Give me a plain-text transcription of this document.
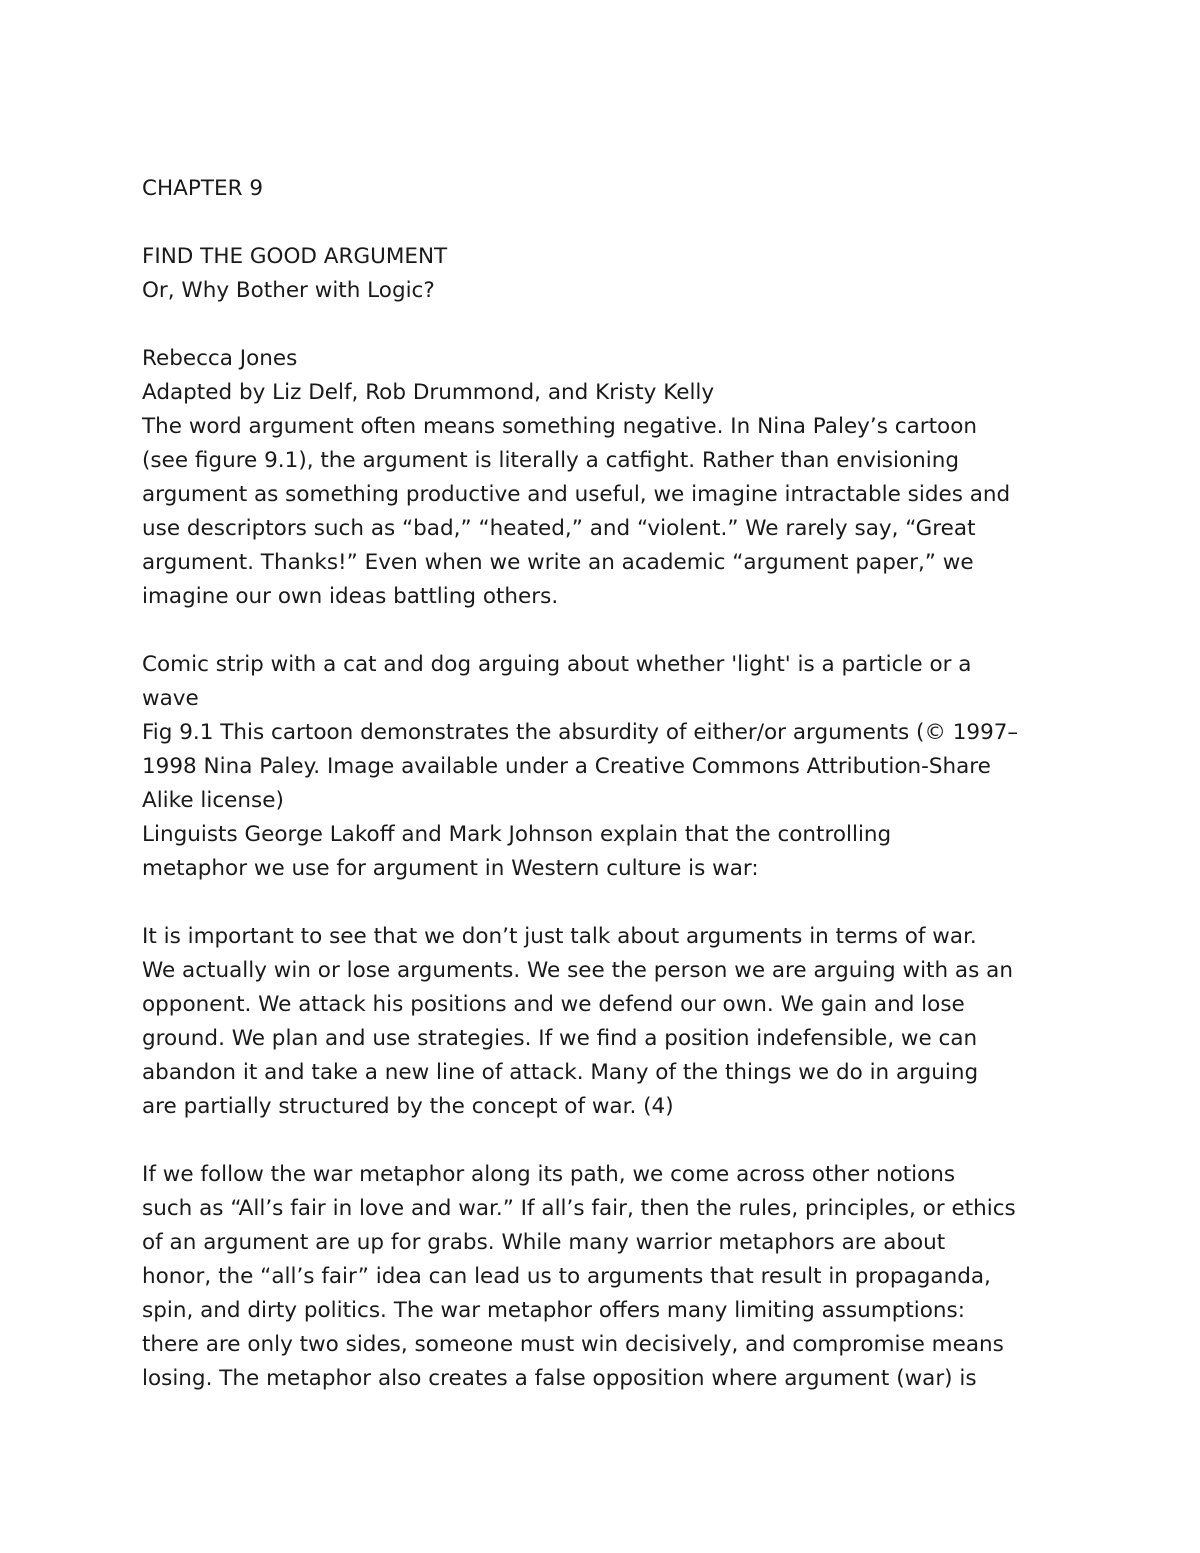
CHAPTER 9
FIND THE GOOD ARGUMENT
Or, Why Bother with Logic?
Rebecca Jones
Adapted by Liz Delf, Rob Drummond, and Kristy Kelly
The word argument often means something negative. In Nina Paley’s cartoon
(see figure 9.1), the argument is literally a catfight. Rather than envisioning
argument as something productive and useful, we imagine intractable sides and
use descriptors such as “bad,” “heated,” and “violent.” We rarely say, “Great
argument. Thanks!” Even when we write an academic “argument paper,” we
imagine our own ideas battling others.
Comic strip with a cat and dog arguing about whether 'light' is a particle or a
wave
Fig 9.1 This cartoon demonstrates the absurdity of either/or arguments (© 1997–
1998 Nina Paley. Image available under a Creative Commons Attribution-Share
Alike license)
Linguists George Lakoff and Mark Johnson explain that the controlling
metaphor we use for argument in Western culture is war:
It is important to see that we don’t just talk about arguments in terms of war.
We actually win or lose arguments. We see the person we are arguing with as an
opponent. We attack his positions and we defend our own. We gain and lose
ground. We plan and use strategies. If we find a position indefensible, we can
abandon it and take a new line of attack. Many of the things we do in arguing
are partially structured by the concept of war. (4)
If we follow the war metaphor along its path, we come across other notions
such as “All’s fair in love and war.” If all’s fair, then the rules, principles, or ethics
of an argument are up for grabs. While many warrior metaphors are about
honor, the “all’s fair” idea can lead us to arguments that result in propaganda,
spin, and dirty politics. The war metaphor offers many limiting assumptions:
there are only two sides, someone must win decisively, and compromise means
losing. The metaphor also creates a false opposition where argument (war) is
